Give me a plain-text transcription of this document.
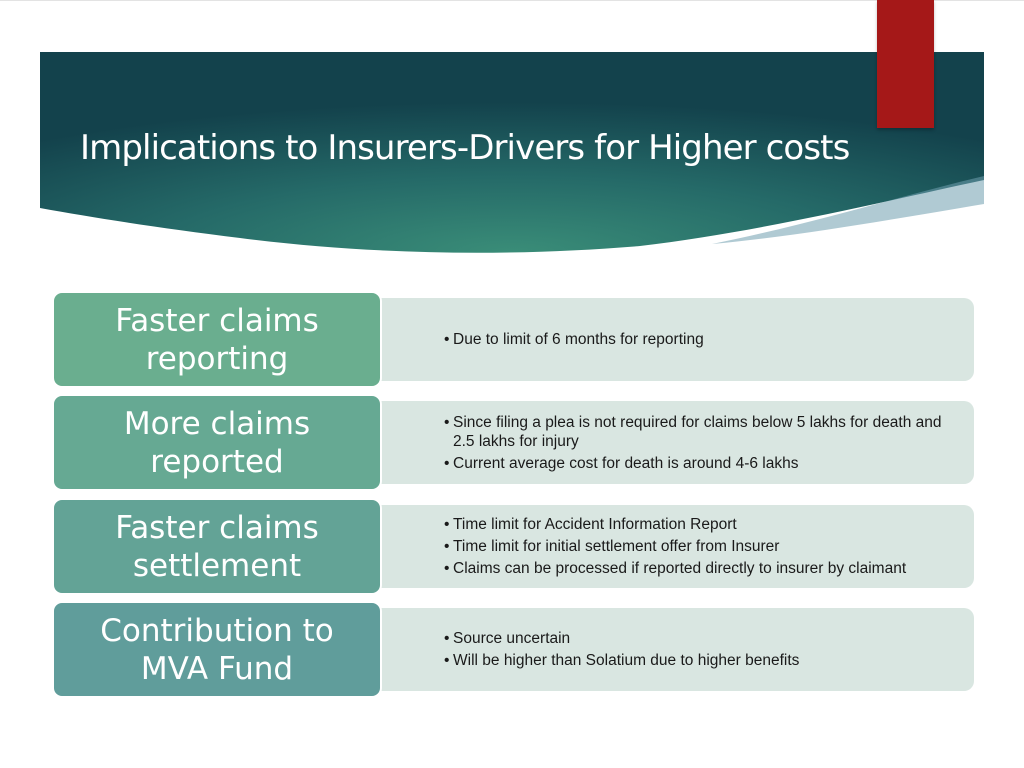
Implications to Insurers-Drivers for Higher costs
• Due to limit of 6 months for reporting
Faster claims
reporting
• Since filing a plea is not required for claims below 5 lakhs for death and 2.5 lakhs for injury
• Current average cost for death is around 4-6 lakhs
More claims
reported
• Time limit for Accident Information Report
• Time limit for initial settlement offer from Insurer
• Claims can be processed if reported directly to insurer by claimant
Faster claims
settlement
• Source uncertain
• Will be higher than Solatium due to higher benefits
Contribution to
MVA Fund
